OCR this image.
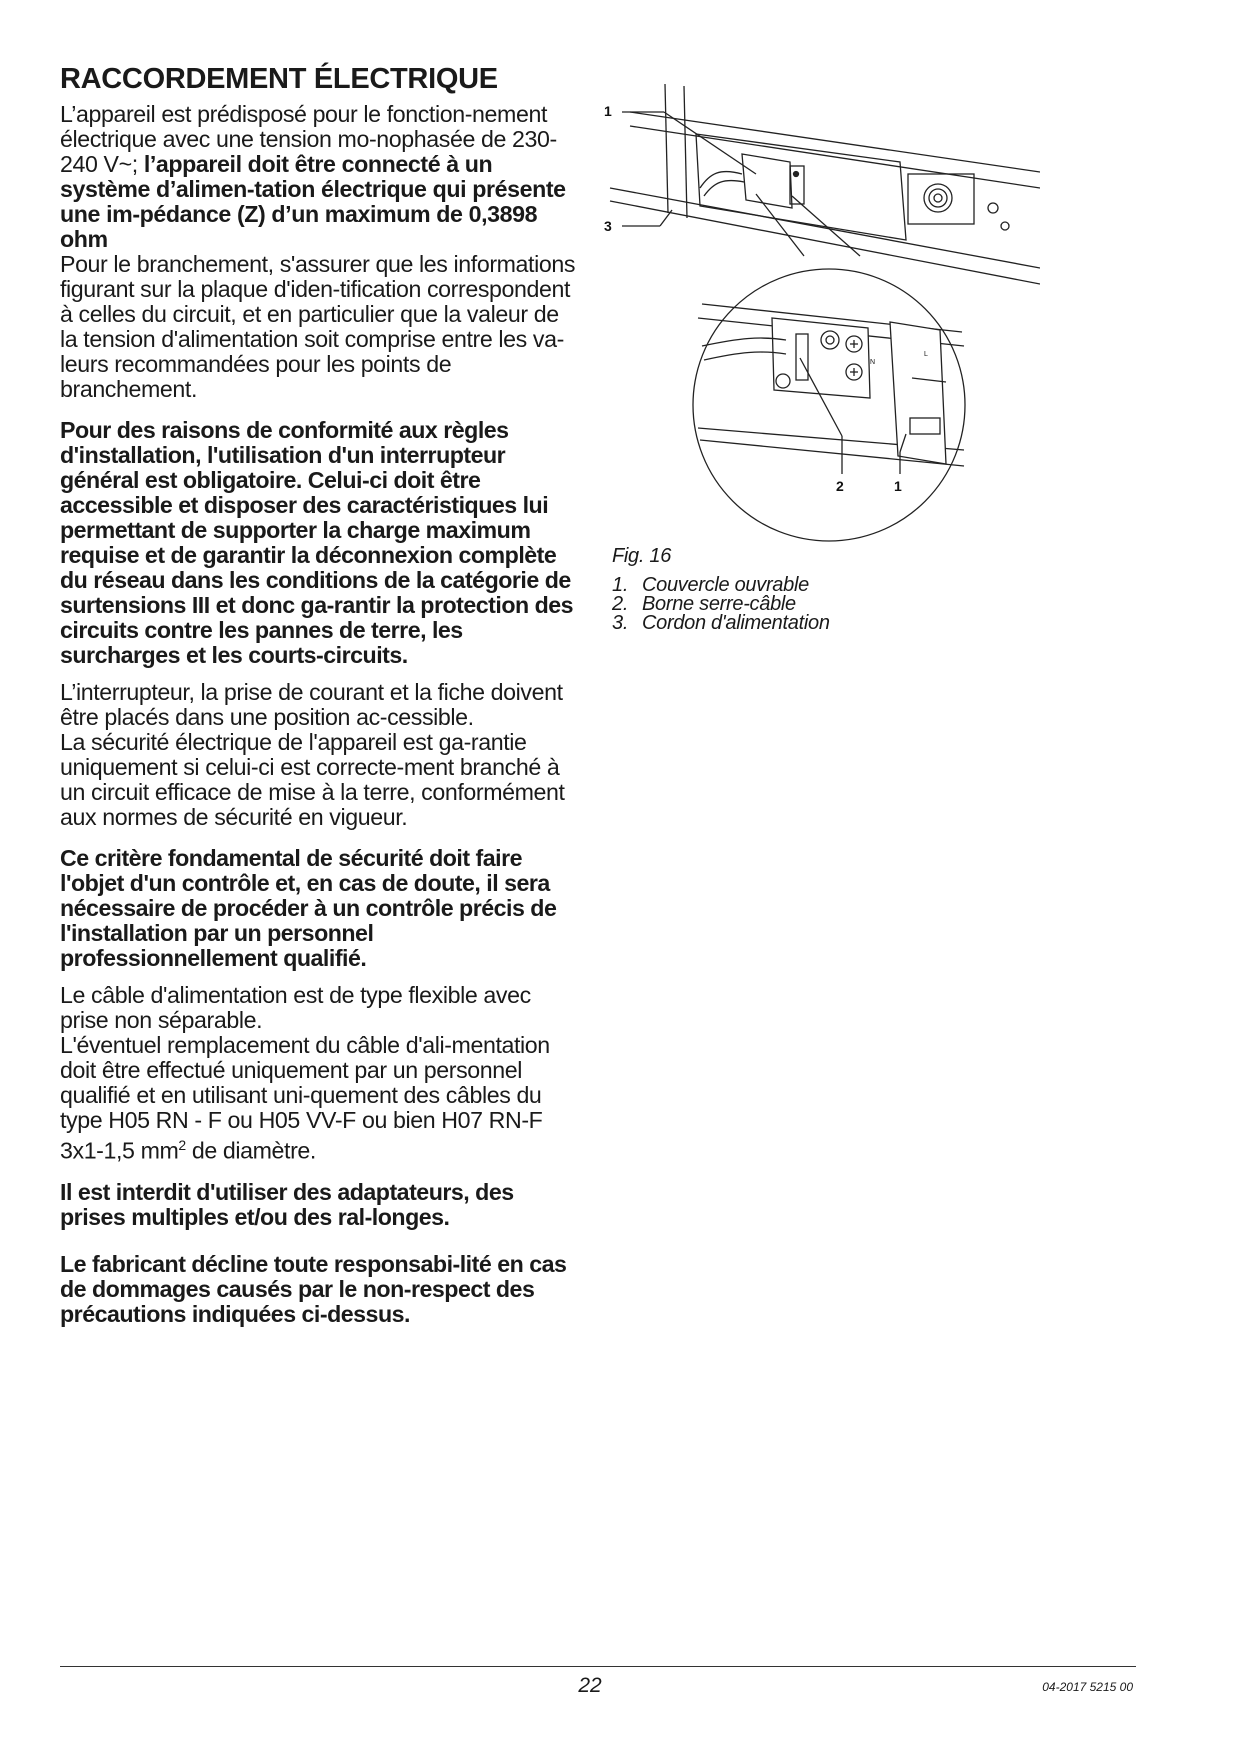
RACCORDEMENT ÉLECTRIQUE

L’appareil est prédisposé pour le fonction-nement électrique avec une tension mo-nophasée de 230-240 V~; l’appareil doit être connecté à un système d’alimen-tation électrique qui présente une im-pédance (Z) d’un maximum de 0,3898 ohm

Pour le branchement, s'assurer que les informations figurant sur la plaque d'iden-tification correspondent à celles du circuit, et en particulier que la valeur de la tension d'alimentation soit comprise entre les va-leurs recommandées pour les points de branchement.

Pour des raisons de conformité aux règles d'installation, l'utilisation d'un interrupteur général est obligatoire. Celui-ci doit être accessible et disposer des caractéristiques lui permettant de supporter la charge maximum requise et de garantir la déconnexion complète du réseau dans les conditions de la catégorie de surtensions III et donc ga-rantir la protection des circuits contre les pannes de terre, les surcharges et les courts-circuits.

L’interrupteur, la prise de courant et la fiche doivent être placés dans une position ac-cessible.

La sécurité électrique de l'appareil est ga-rantie uniquement si celui-ci est correcte-ment branché à un circuit efficace de mise à la terre, conformément aux normes de sécurité en vigueur.

Ce critère fondamental de sécurité doit faire l'objet d'un contrôle et, en cas de doute, il sera nécessaire de procéder à un contrôle précis de l'installation par un personnel professionnellement qualifié.

Le câble d'alimentation est de type flexible avec prise non séparable.

L'éventuel remplacement du câble d'ali-mentation doit être effectué uniquement par un personnel qualifié et en utilisant uni-quement des câbles du type H05 RN - F ou H05 VV-F ou bien H07 RN-F 3x1-1,5 $mm^2$ de diamètre.

Il est interdit d'utiliser des adaptateurs, des prises multiples et/ou des ral-longes.

Le fabricant décline toute responsabi-lité en cas de dommages causés par le non-respect des précautions indiquées ci-dessus.

1
3
2	1
N
L
Fig. 16
1. Couvercle ouvrable
2. Borne serre-câble
3. Cordon d'alimentation
22	04-2017 5215 00
